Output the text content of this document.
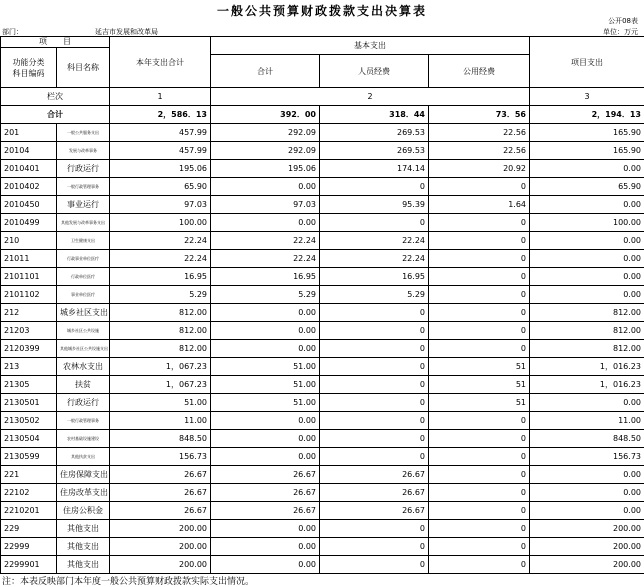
一般公共预算财政拨款支出决算表
公开08表
部门：	延吉市发展和改革局	单位：万元
项　　目		本年支出合计	基本支出			项目支出
功能分类
科目编码	科目名称					
			合计	人员经费	公用经费	
栏次		1	2			3
合计		2，586．13	392．00	318．44	73．56	2，194．13
201	一般公共服务支出	457.99	292.09	269.53	22.56	165.90
20104	发展与改革事务	457.99	292.09	269.53	22.56	165.90
2010401	行政运行	195.06	195.06	174.14	20.92	0.00
2010402	一般行政管理事务	65.90	0.00	0	0	65.90
2010450	事业运行	97.03	97.03	95.39	1.64	0.00
2010499	其他发展与改革事务支出	100.00	0.00	0	0	100.00
210	卫生健康支出	22.24	22.24	22.24	0	0.00
21011	行政事业单位医疗	22.24	22.24	22.24	0	0.00
2101101	行政单位医疗	16.95	16.95	16.95	0	0.00
2101102	事业单位医疗	5.29	5.29	5.29	0	0.00
212	城乡社区支出	812.00	0.00	0	0	812.00
21203	城乡社区公共设施	812.00	0.00	0	0	812.00
2120399	其他城乡社区公共设施支出	812.00	0.00	0	0	812.00
213	农林水支出	1，067.23	51.00	0	51	1，016.23
21305	扶贫	1，067.23	51.00	0	51	1，016.23
2130501	行政运行	51.00	51.00	0	51	0.00
2130502	一般行政管理事务	11.00	0.00	0	0	11.00
2130504	农村基础设施建设	848.50	0.00	0	0	848.50
2130599	其他扶贫支出	156.73	0.00	0	0	156.73
221	住房保障支出	26.67	26.67	26.67	0	0.00
22102	住房改革支出	26.67	26.67	26.67	0	0.00
2210201	住房公积金	26.67	26.67	26.67	0	0.00
229	其他支出	200.00	0.00	0	0	200.00
22999	其他支出	200.00	0.00	0	0	200.00
2299901	其他支出	200.00	0.00	0	0	200.00
注：本表反映部门本年度一般公共预算财政拨款实际支出情况。
